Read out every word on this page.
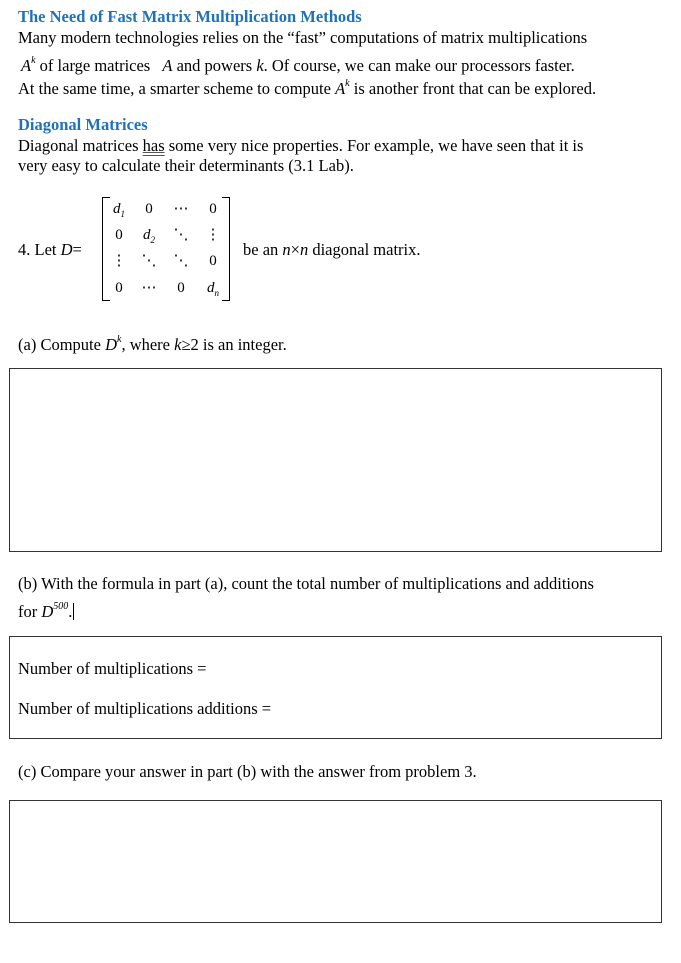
The Need of Fast Matrix Multiplication Methods
Many modern technologies relies on the “fast” computations of matrix multiplications
$A^k$ of large matrices A and powers k. Of course, we can make our processors faster.
At the same time, a smarter scheme to compute $A^k$ is another front that can be explored.
Diagonal Matrices
Diagonal matrices has some very nice properties. For example, we have seen that it is
very easy to calculate their determinants (3.1 Lab).
4. Let D=
$d_1$	0	⋯	0
0	$d_2$	⋱	⋮
⋮	⋱	⋱	0
0	⋯	0	$d_n$
be an n×n diagonal matrix.
(a) Compute $D^k$, where k≥2 is an integer.
(b) With the formula in part (a), count the total number of multiplications and additions
for $D^{500}$.
Number of multiplications =
Number of multiplications additions =
(c) Compare your answer in part (b) with the answer from problem 3.
